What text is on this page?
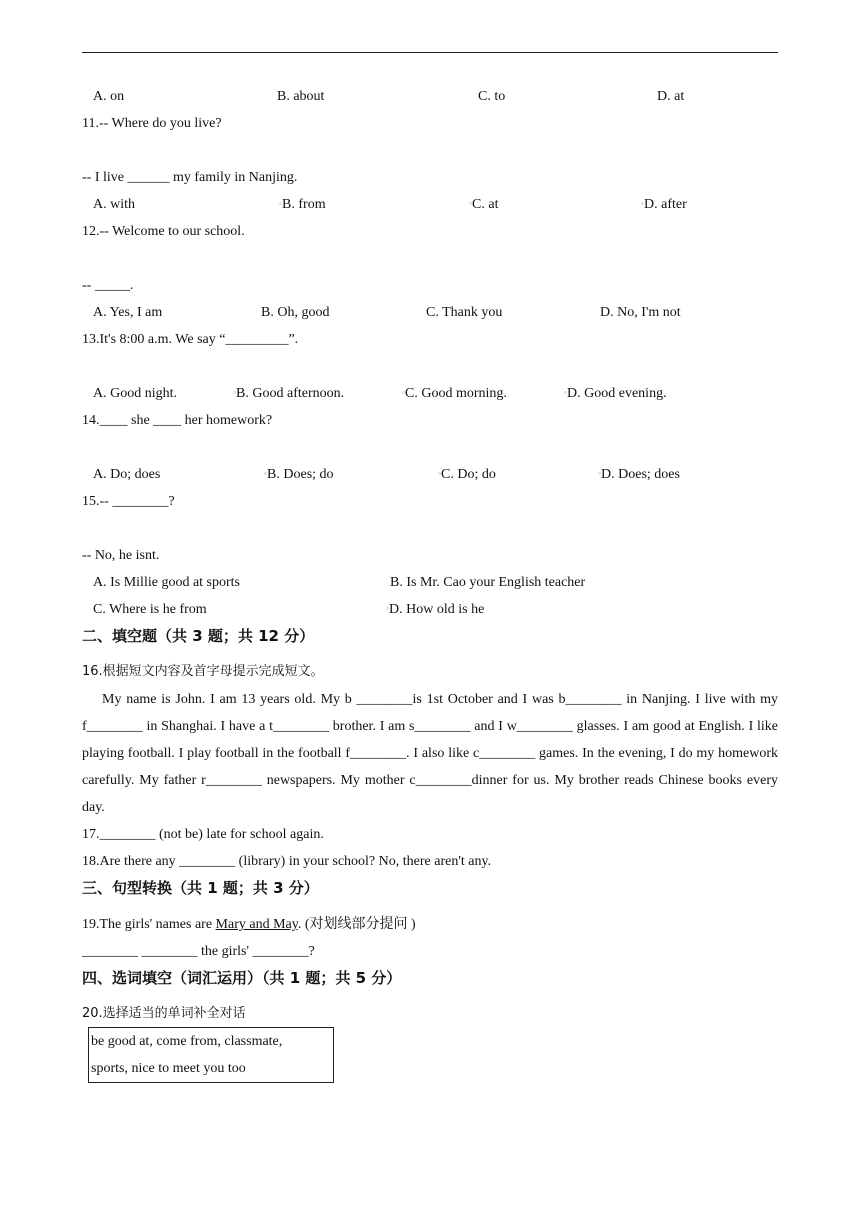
A. on	B. about	C. to	D. at
11.-- Where do you live?
-- I live ______ my family in Nanjing.
A. with	○B. from	○C. at	○D. after
12.-- Welcome to our school.
-- _____.
A. Yes, I am	B. Oh, good	C. Thank you	D. No, I'm not
13.It's 8:00 a.m. We say “_________”.
A. Good night.	○B. Good afternoon.	○C. Good morning.	○D. Good evening.
14.____ she ____ her homework?
A. Do; does	○B. Does; do	○C. Do; do	○D. Does; does
15.-- ________?
-- No, he isnt.
A. Is Millie good at sports	B. Is Mr. Cao your English teacher
C. Where is he from	○D. How old is he
二、填空题（共 3 题；共 12 分）
16.根据短文内容及首字母提示完成短文。
My name is John. I am 13 years old. My b ________is 1st October and I was b________ in Nanjing. I live with my f________ in Shanghai. I have a t________ brother. I am s________ and I w________ glasses. I am good at English. I like playing football. I play football in the football f________. I also like c________ games. In the evening, I do my homework carefully. My father r________ newspapers. My mother c________dinner for us. My brother reads Chinese books every day.
17.________ (not be) late for school again.
18.Are there any ________ (library) in your school? No, there aren't any.
三、句型转换（共 1 题；共 3 分）
19.The girls' names are Mary and May. (对划线部分提问 )
________ ________ the girls' ________?
四、选词填空（词汇运用）（共 1 题；共 5 分）
20.选择适当的单词补全对话
be good at, come from, classmate,
sports, nice to meet you too
